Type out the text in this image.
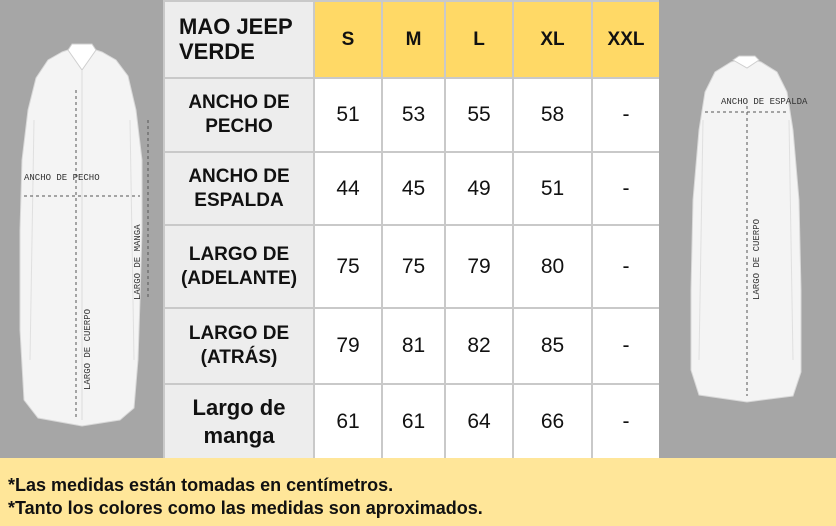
ANCHO DE PECHO
LARGO DE MANGA
LARGO DE CUERPO
MAO JEEP VERDE	S	M	L	XL	XXL
ANCHO DE PECHO	51	53	55	58	-
ANCHO DE ESPALDA	44	45	49	51	-
LARGO DE (ADELANTE)	75	75	79	80	-
LARGO DE (ATRÁS)	79	81	82	85	-
Largo de manga	61	61	64	66	-
ANCHO DE ESPALDA
LARGO DE CUERPO
*Las medidas están tomadas en centímetros.
*Tanto los colores como las medidas son aproximados.
